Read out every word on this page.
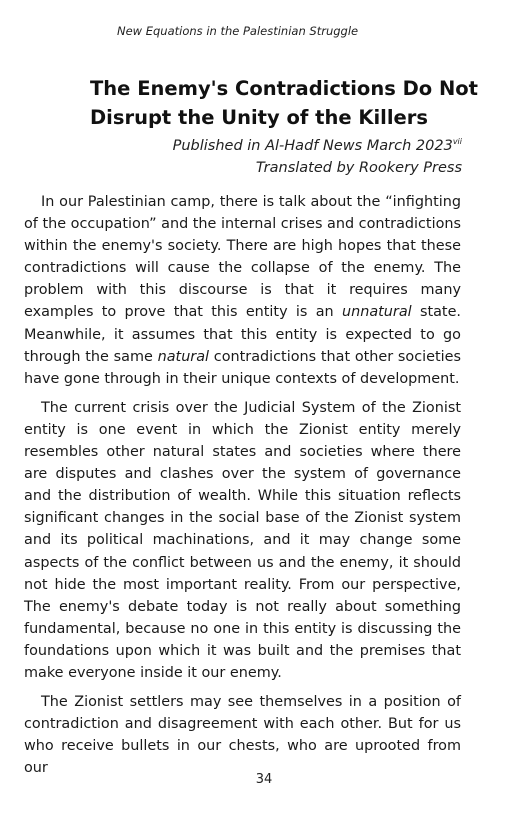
New Equations in the Palestinian Struggle
The Enemy's Contradictions Do Not Disrupt the Unity of the Killers
Published in Al-Hadf News March 2023$^{vii}$
Translated by Rookery Press

In our Palestinian camp, there is talk about the “infighting of the occupation” and the internal crises and contradictions within the enemy's society. There are high hopes that these contradictions will cause the collapse of the enemy. The problem with this discourse is that it requires many examples to prove that this entity is an unnatural state. Meanwhile, it assumes that this entity is expected to go through the same natural contradictions that other societies have gone through in their unique contexts of development.

The current crisis over the Judicial System of the Zionist entity is one event in which the Zionist entity merely resembles other natural states and societies where there are disputes and clashes over the system of governance and the distribution of wealth. While this situation reflects significant changes in the social base of the Zionist system and its political machinations, and it may change some aspects of the conflict between us and the enemy, it should not hide the most important reality. From our perspective, The enemy's debate today is not really about something fundamental, because no one in this entity is discussing the foundations upon which it was built and the premises that make everyone inside it our enemy.

The Zionist settlers may see themselves in a position of contradiction and disagreement with each other. But for us who receive bullets in our chests, who are uprooted from our

34
